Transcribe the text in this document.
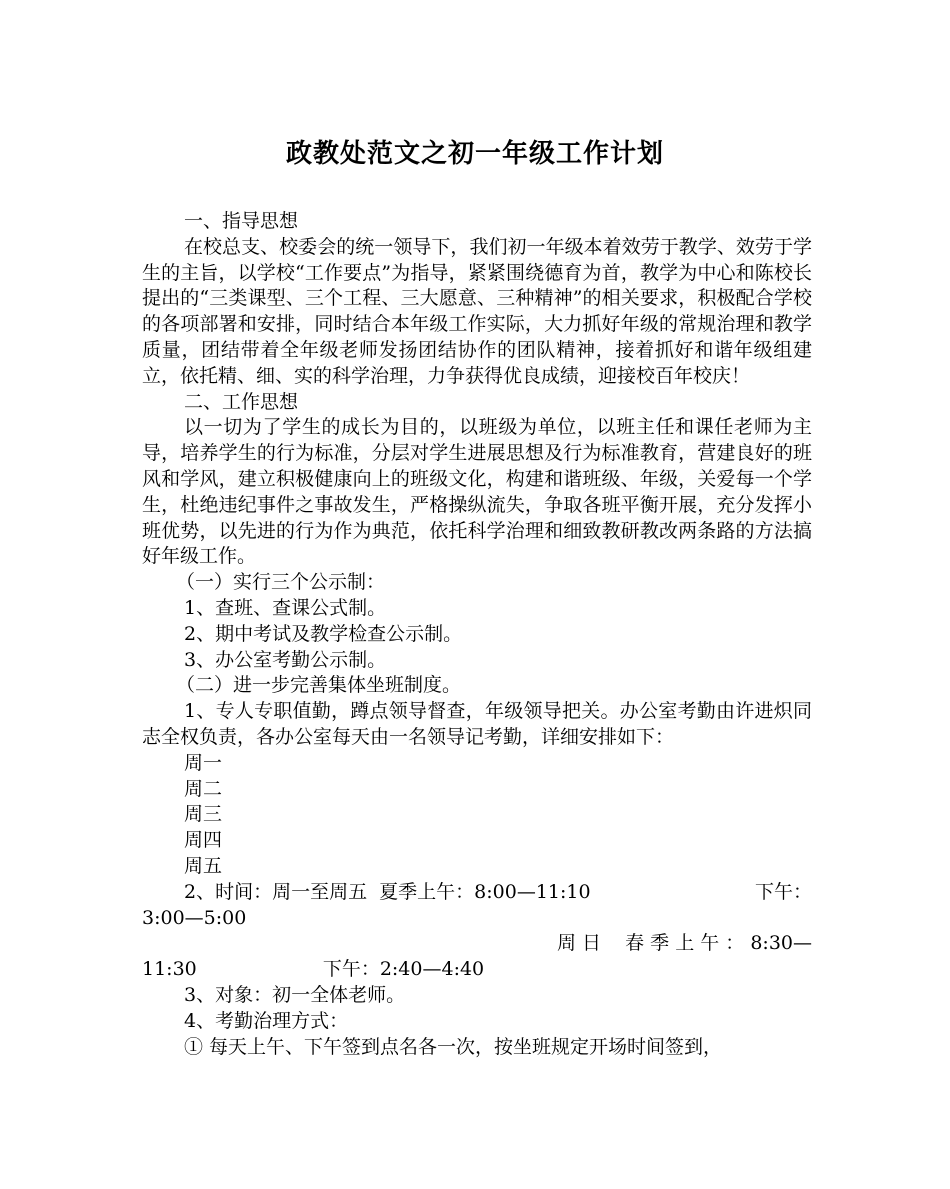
政教处范文之初一年级工作计划

一、指导思想

在校总支、校委会的统一领导下，我们初一年级本着效劳于教学、效劳于学生的主旨，以学校“工作要点”为指导，紧紧围绕德育为首，教学为中心和陈校长提出的“三类课型、三个工程、三大愿意、三种精神”的相关要求，积极配合学校的各项部署和安排，同时结合本年级工作实际，大力抓好年级的常规治理和教学质量，团结带着全年级老师发扬团结协作的团队精神，接着抓好和谐年级组建立，依托精、细、实的科学治理，力争获得优良成绩，迎接校百年校庆！

二、工作思想

以一切为了学生的成长为目的，以班级为单位，以班主任和课任老师为主导，培养学生的行为标准，分层对学生进展思想及行为标准教育，营建良好的班风和学风，建立积极健康向上的班级文化，构建和谐班级、年级，关爱每一个学生，杜绝违纪事件之事故发生，严格操纵流失，争取各班平衡开展，充分发挥小班优势，以先进的行为作为典范，依托科学治理和细致教研教改两条路的方法搞好年级工作。

（一）实行三个公示制：

1、查班、查课公式制。

2、期中考试及教学检查公示制。

3、办公室考勤公示制。

（二）进一步完善集体坐班制度。

1、专人专职值勤，蹲点领导督查，年级领导把关。办公室考勤由许进炽同志全权负责，各办公室每天由一名领导记考勤，详细安排如下：

周一

周二

周三

周四

周五

2、时间：周一至周五  夏季上午：8:00—11:10	下午：

3:00—5:00

周 日    春 季 上 午 ： 8:30—

11:30	下午：2:40—4:40

3、对象：初一全体老师。

4、考勤治理方式：

① 每天上午、下午签到点名各一次，按坐班规定开场时间签到，
